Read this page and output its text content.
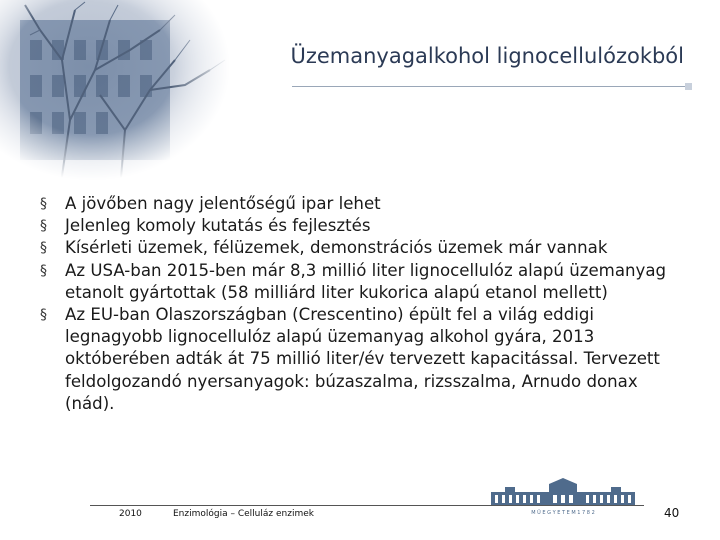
Üzemanyagalkohol lignocellulózokból
§	A jövőben nagy jelentőségű ipar lehet
§	Jelenleg komoly kutatás és fejlesztés
§	Kísérleti üzemek, félüzemek, demonstrációs üzemek már vannak
§	Az USA-ban 2015-ben már 8,3 millió liter lignocellulóz alapú üzemanyag etanolt gyártottak (58 milliárd liter kukorica alapú etanol mellett)
§	Az EU-ban Olaszországban (Crescentino) épült fel a világ eddigi legnagyobb lignocellulóz alapú üzemanyag alkohol gyára, 2013 októberében adták át 75 millió liter/év tervezett kapacitással. Tervezett feldolgozandó nyersanyagok: búzaszalma, rizsszalma, Arnudo donax (nád).
M Ű E G Y E T E M 1 7 8 2
2010	Enzimológia – Celluláz enzimek	40
